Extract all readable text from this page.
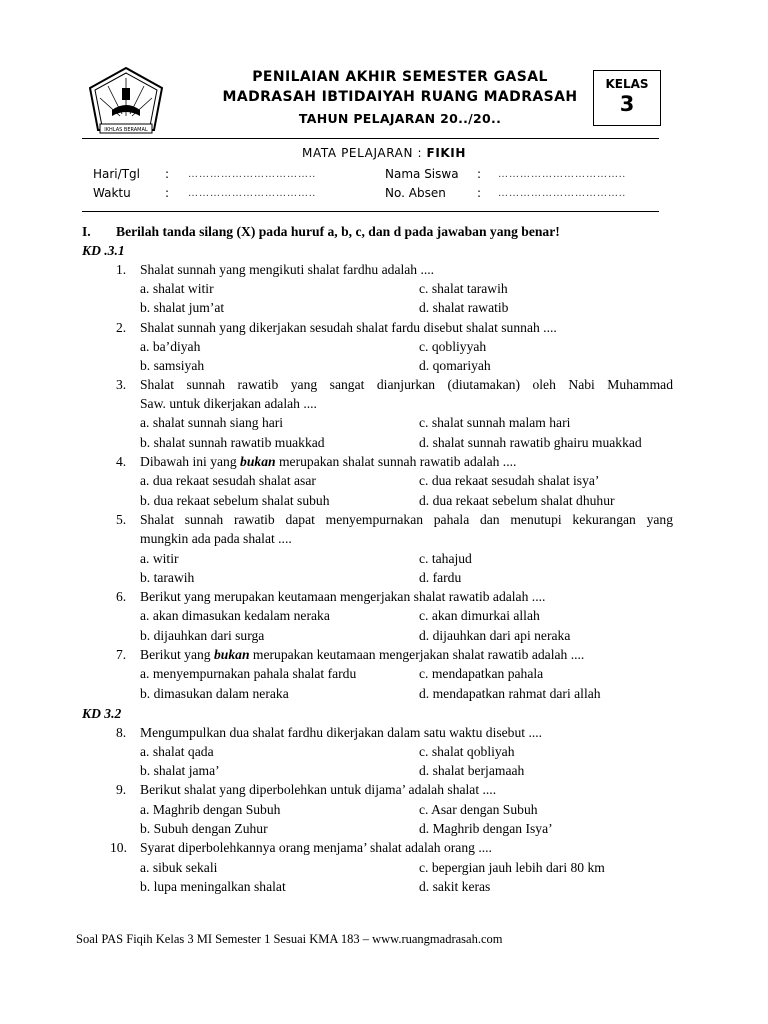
IKHLAS BERAMAL
PENILAIAN AKHIR SEMESTER GASAL
MADRASAH IBTIDAIYAH RUANG MADRASAH
TAHUN PELAJARAN 20../20..
KELAS
3
MATA PELAJARAN : FIKIH
Hari/Tgl : ……………………………..
Waktu	: ……………………………..
Nama Siswa : ……………………………..
No. Absen	: ……………………………..
I. Berilah tanda silang (X) pada huruf a, b, c, dan d pada jawaban yang benar!
KD .3.1
1. Shalat sunnah yang mengikuti shalat fardhu adalah ....
a. shalat witir	c. shalat tarawih
b. shalat jum’at	d. shalat rawatib
2. Shalat sunnah yang dikerjakan sesudah shalat fardu disebut shalat sunnah ....
a. ba’diyah	c. qobliyyah
b. samsiyah	d. qomariyah
3. Shalat sunnah rawatib yang sangat dianjurkan (diutamakan) oleh Nabi Muhammad
Saw. untuk dikerjakan adalah ....
a. shalat sunnah siang hari	c. shalat sunnah malam hari
b. shalat sunnah rawatib muakkad	d. shalat sunnah rawatib ghairu muakkad
4. Dibawah ini yang bukan merupakan shalat sunnah rawatib adalah ....
a. dua rekaat sesudah shalat asar	c. dua rekaat sesudah shalat isya’
b. dua rekaat sebelum shalat subuh	d. dua rekaat sebelum shalat dhuhur
5. Shalat sunnah rawatib dapat menyempurnakan pahala dan menutupi kekurangan yang
mungkin ada pada shalat ....
a. witir	c. tahajud
b. tarawih	d. fardu
6. Berikut yang merupakan keutamaan mengerjakan shalat rawatib adalah ....
a. akan dimasukan kedalam neraka	c. akan dimurkai allah
b. dijauhkan dari surga	d. dijauhkan dari api neraka
7. Berikut yang bukan merupakan keutamaan mengerjakan shalat rawatib adalah ....
a. menyempurnakan pahala shalat fardu	c. mendapatkan pahala
b. dimasukan dalam neraka	d. mendapatkan rahmat dari allah
KD 3.2
8. Mengumpulkan dua shalat fardhu dikerjakan dalam satu waktu disebut ....
a. shalat qada	c. shalat qobliyah
b. shalat jama’	d. shalat berjamaah
9. Berikut shalat yang diperbolehkan untuk dijama’ adalah shalat ....
a. Maghrib dengan Subuh	c. Asar dengan Subuh
b. Subuh dengan Zuhur	d. Maghrib dengan Isya’
10. Syarat diperbolehkannya orang menjama’ shalat adalah orang ....
a. sibuk sekali	c. bepergian jauh lebih dari 80 km
b. lupa meningalkan shalat	d. sakit keras
Soal PAS Fiqih Kelas 3 MI Semester 1 Sesuai KMA 183 – www.ruangmadrasah.com
